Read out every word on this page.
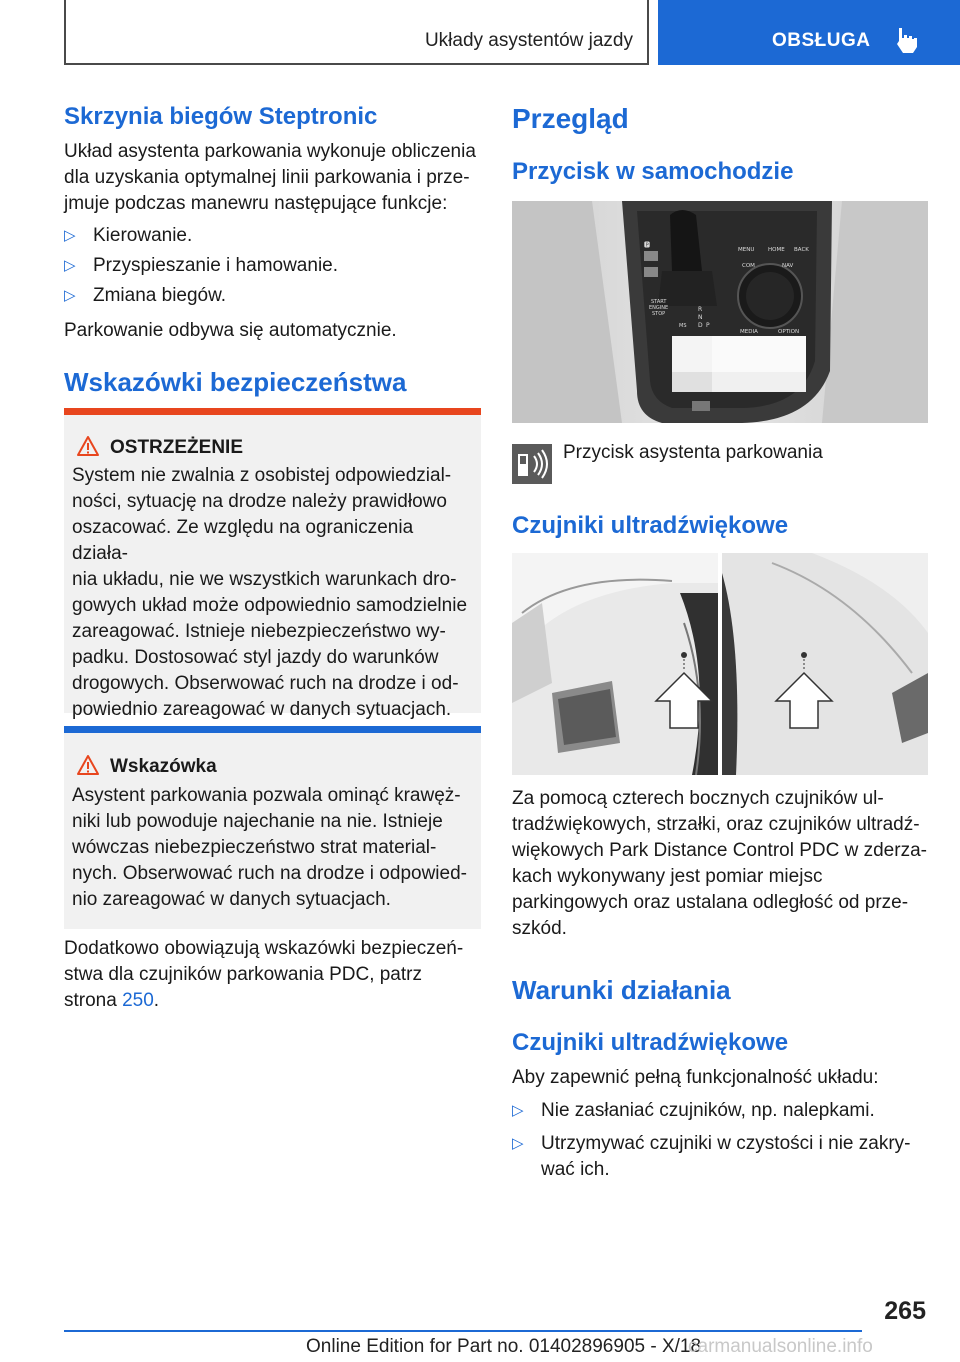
Układy asystentów jazdy	OBSŁUGA
Skrzynia biegów Steptronic
Układ asystenta parkowania wykonuje obliczenia
dla uzyskania optymalnej linii parkowania i prze-
jmuje podczas manewru następujące funkcje:
▷ Kierowanie.
▷ Przyspieszanie i hamowanie.
▷ Zmiana biegów.
Parkowanie odbywa się automatycznie.
Wskazówki bezpieczeństwa
OSTRZEŻENIE
System nie zwalnia z osobistej odpowiedzial-
ności, sytuację na drodze należy prawidłowo
oszacować. Ze względu na ograniczenia działa-
nia układu, nie we wszystkich warunkach dro-
gowych układ może odpowiednio samodzielnie
zareagować. Istnieje niebezpieczeństwo wy-
padku. Dostosować styl jazdy do warunków
drogowych. Obserwować ruch na drodze i od-
powiednio zareagować w danych sytuacjach.
Wskazówka
Asystent parkowania pozwala ominąć krawęż-
niki lub powoduje najechanie na nie. Istnieje
wówczas niebezpieczeństwo strat material-
nych. Obserwować ruch na drodze i odpowied-
nio zareagować w danych sytuacjach.
Dodatkowo obowiązują wskazówki bezpieczeń-
stwa dla czujników parkowania PDC, patrz
strona 250.
Przegląd
Przycisk w samochodzie
🅿
MENU HOME BACK
COM	NAV
MEDIA	OPTION
START
ENGINE
STOP
R
N
D P
MS
Przycisk asystenta parkowania
Czujniki ultradźwiękowe
Za pomocą czterech bocznych czujników ul-
tradźwiękowych, strzałki, oraz czujników ultradź-
więkowych Park Distance Control PDC w zderza-
kach wykonywany jest pomiar miejsc
parkingowych oraz ustalana odległość od prze-
szkód.
Warunki działania
Czujniki ultradźwiękowe
Aby zapewnić pełną funkcjonalność układu:
▷ Nie zasłaniać czujników, np. nalepkami.
▷ Utrzymywać czujniki w czystości i nie zakry-
wać ich.
265
Online Edition for Part no. 01402896905 - X/18
carmanualsonline.info
